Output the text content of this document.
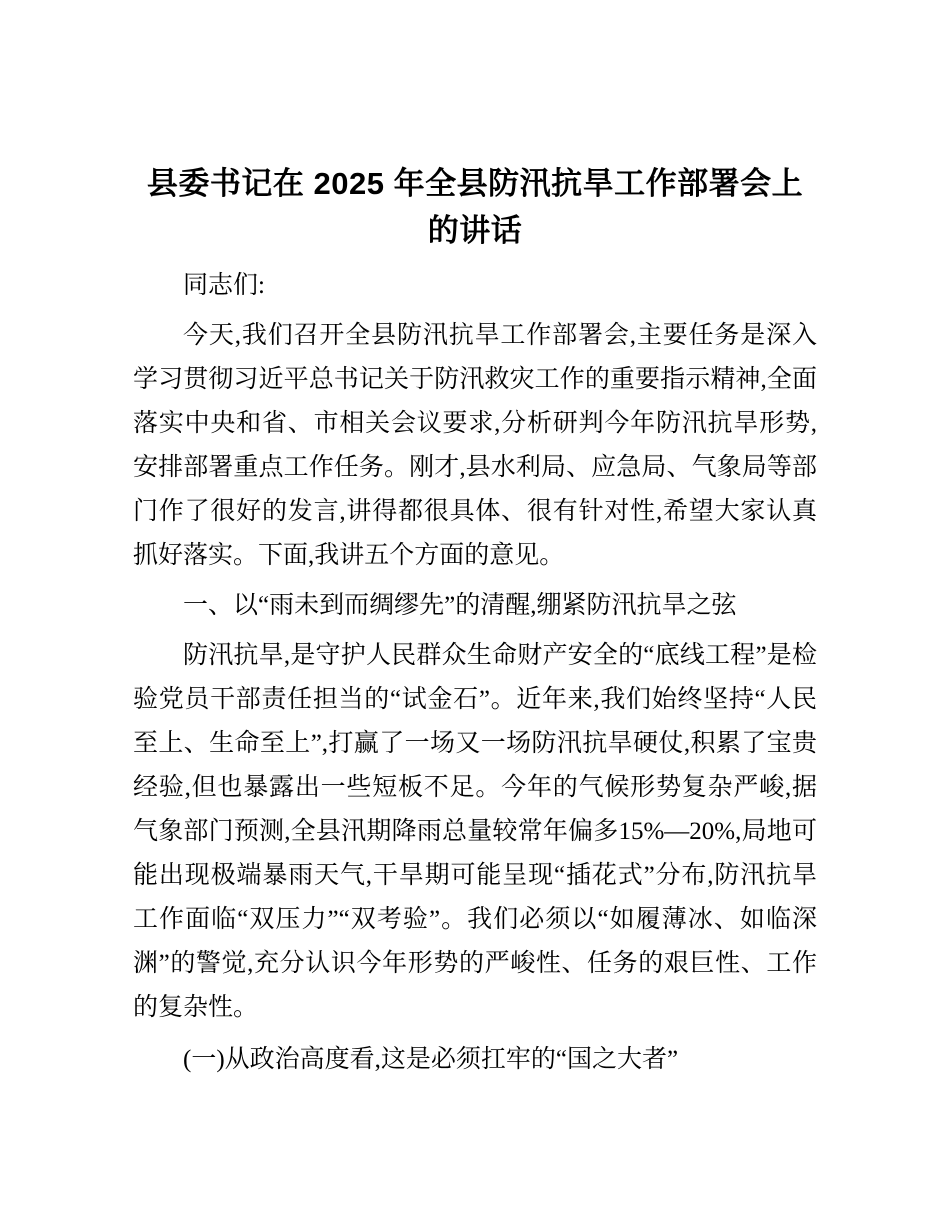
县委书记在 2025 年全县防汛抗旱工作部署会上的讲话

同志们:

今天,我们召开全县防汛抗旱工作部署会,主要任务是深入学习贯彻习近平总书记关于防汛救灾工作的重要指示精神,全面落实中央和省、市相关会议要求,分析研判今年防汛抗旱形势,安排部署重点工作任务。刚才,县水利局、应急局、气象局等部门作了很好的发言,讲得都很具体、很有针对性,希望大家认真抓好落实。下面,我讲五个方面的意见。

一、以“雨未到而绸缪先”的清醒,绷紧防汛抗旱之弦

防汛抗旱,是守护人民群众生命财产安全的“底线工程”是检验党员干部责任担当的“试金石”。近年来,我们始终坚持“人民至上、生命至上”,打赢了一场又一场防汛抗旱硬仗,积累了宝贵经验,但也暴露出一些短板不足。今年的气候形势复杂严峻,据气象部门预测,全县汛期降雨总量较常年偏多15%—20%,局地可能出现极端暴雨天气,干旱期可能呈现“插花式”分布,防汛抗旱工作面临“双压力”“双考验”。我们必须以“如履薄冰、如临深渊”的警觉,充分认识今年形势的严峻性、任务的艰巨性、工作的复杂性。

(一)从政治高度看,这是必须扛牢的“国之大者”
